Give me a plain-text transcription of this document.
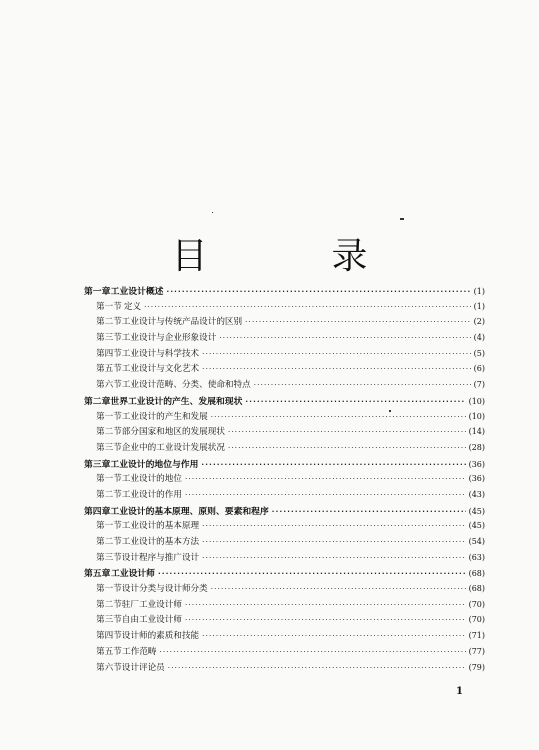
目　录
第一章 工业设计概述 ·····	(1)
第一节 定义 ·····	(1)
第二节 工业设计与传统产品设计的区别 ·····	(2)
第三节 工业设计与企业形象设计 ·····	(4)
第四节 工业设计与科学技术 ·····	(5)
第五节 工业设计与文化艺术 ·····	(6)
第六节 工业设计范畴、分类、使命和特点 ·····	(7)
第二章 世界工业设计的产生、发展和现状 ·····	(10)
第一节 工业设计的产生和发展 ·····	(10)
第二节 部分国家和地区的发展现状 ·····	(14)
第三节 企业中的工业设计发展状况 ·····	(28)
第三章 工业设计的地位与作用 ·····	(36)
第一节 工业设计的地位 ·····	(36)
第二节 工业设计的作用 ·····	(43)
第四章 工业设计的基本原理、原则、要素和程序 ·····	(45)
第一节 工业设计的基本原理 ·····	(45)
第二节 工业设计的基本方法 ·····	(54)
第三节 设计程序与推广设计 ·····	(63)
第五章 工业设计师 ·····	(68)
第一节 设计分类与设计师分类 ·····	(68)
第二节 驻厂工业设计师 ·····	(70)
第三节 自由工业设计师 ·····	(70)
第四节 设计师的素质和技能 ·····	(71)
第五节 工作范畴 ·····	(77)
第六节 设计评论员 ·····	(79)
1
